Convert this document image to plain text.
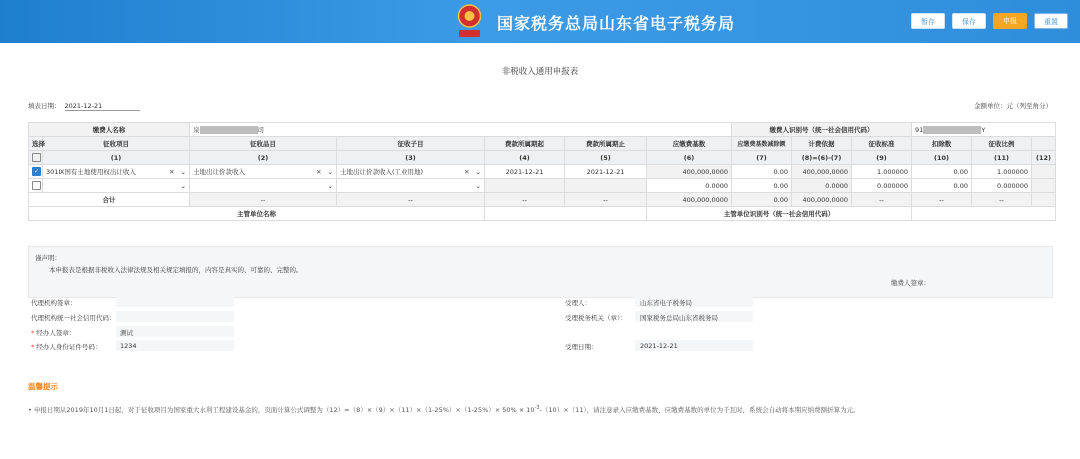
国家税务总局山东省电子税务局	暂存	保存	申报	重置
非税收入通用申报表
填表日期： 2021-12-21	金额单位：元（列至角分）
缴费人名称		泉 司					缴费人识别号（统一社会信用代码）			91 Y		
选择	征收项目	征收品目	征收子目	费款所属期起	费款所属期止	应缴费基数	应缴费基数减除额	计费依据	征收标准	扣除数	征收比例	
	(1)	(2)	(3)	(4)	(5)	(6)	(7)	(8)=(6)-(7)	(9)	(10)	(11)	(12)
✓	301Ⅸ国有土地使用权出让收入 ✕ ⌄	土地出让价款收入 ✕ ⌄	土地出让价款收入(工业用地) ✕ ⌄	2021-12-21	2021-12-21	400,000,0000	0.00	400,000,0000	1.000000	0.00	1.000000	

	⌄	⌄	⌄			0.0000	0.00	0.0000	0.000000	0.00	0.000000	
合计		--	--	--	--	400,000,0000	0.00	400,000,0000	--	--	--	
主管单位名称						主管单位识别号（统一社会信用代码）						
谨声明：
本申报表是根据非税收入法律法规及相关规定填报的，内容是真实的、可靠的、完整的。
缴费人签章：
代理机构签章：
代理机构统一社会信用代码：
* 经办人签章：	测试
* 经办人身份证件号码：	1234
受理人：	山东省电子税务局
受理税务机关（章）： 国家税务总局山东省税务局
受理日期：	2021-12-21
温馨提示
• 申报日期从2019年10月1日起，对于征收项目为国家重大水利工程建设基金的，页面计算公式调整为$(12)=(8)\times(9)\times(11)\times(1-25\%)\times(1-25\%)\times 50\% \times 10^{-3}-(10)\times(11)$，请注意录入应缴费基数，应缴费基数的单位为千瓦时，系统会自动将本期应纳费额折算为元。
